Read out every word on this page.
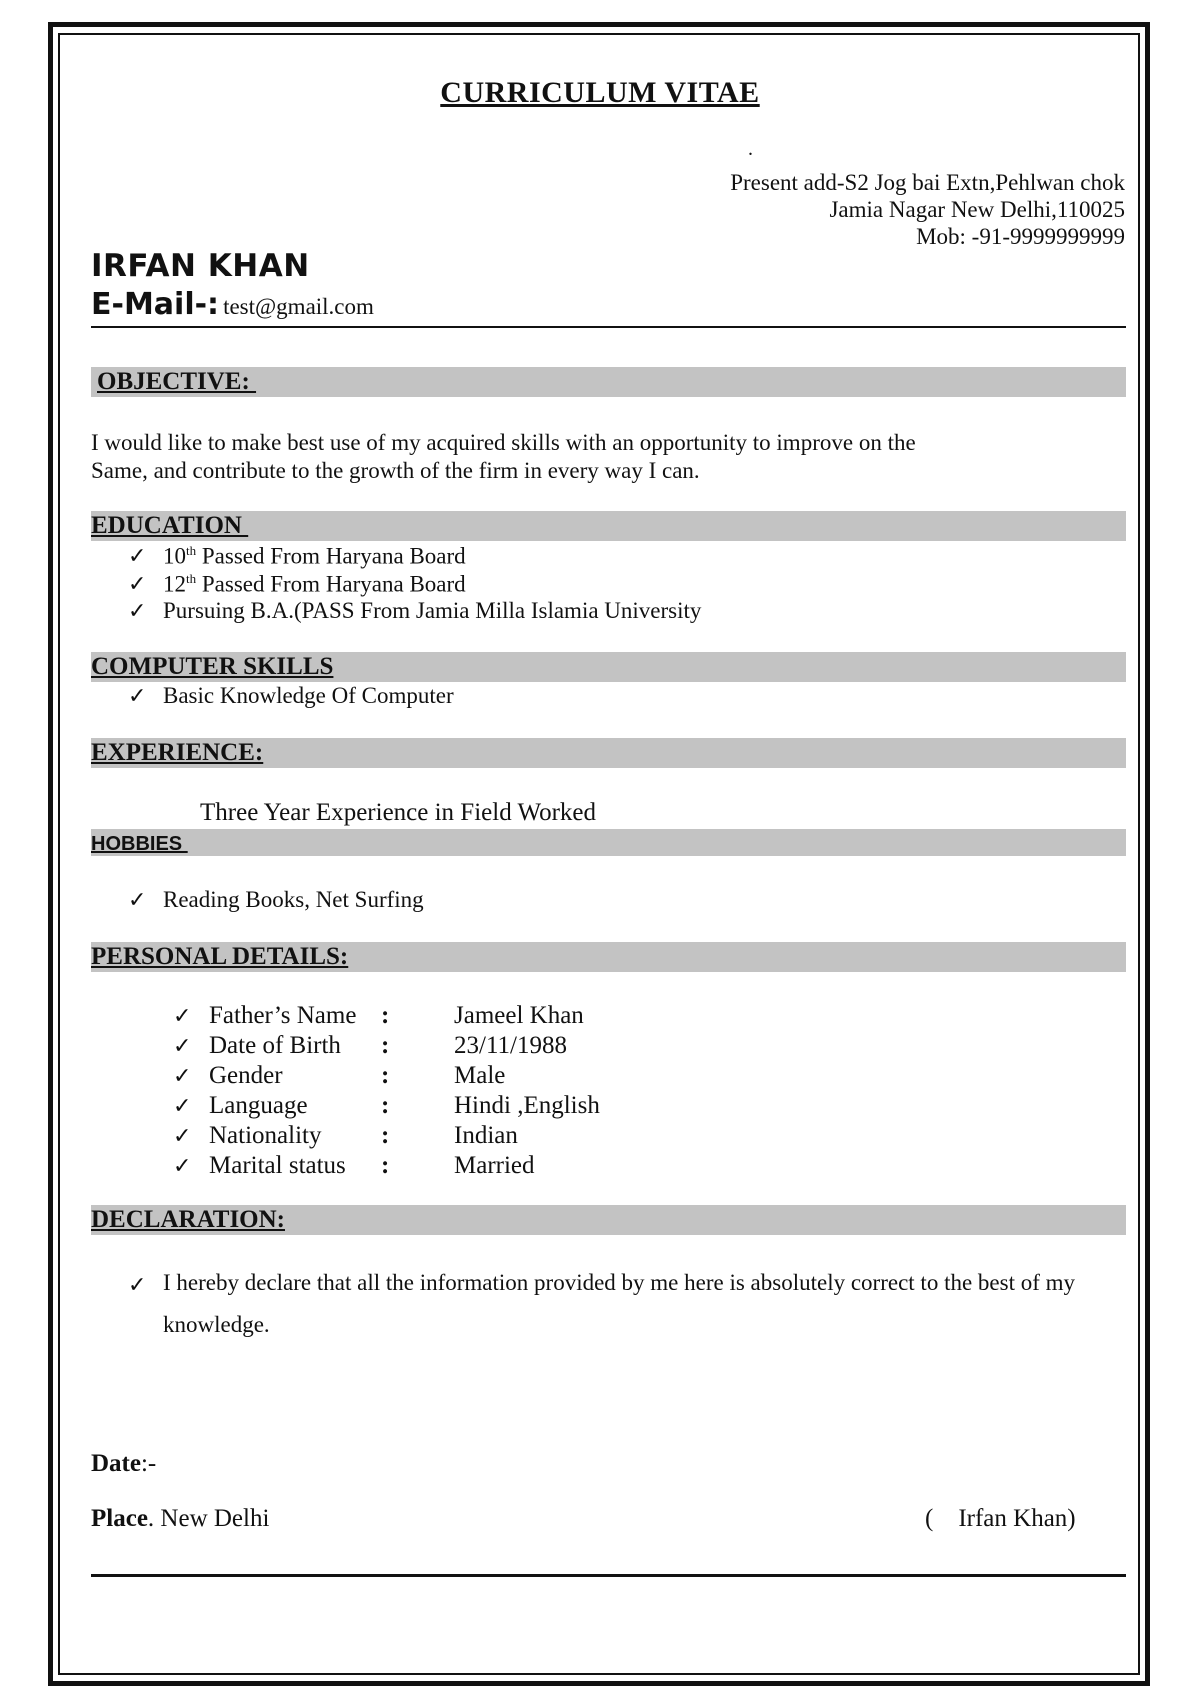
CURRICULUM VITAE
.
Present add-S2 Jog bai Extn,Pehlwan chok
Jamia Nagar New Delhi,110025
Mob: -91-9999999999
IRFAN KHAN
E-Mail-: test@gmail.com
OBJECTIVE:
I would like to make best use of my acquired skills with an opportunity to improve on the
Same, and contribute to the growth of the firm in every way I can.
EDUCATION
✓ 10th Passed From Haryana Board
✓ 12th Passed From Haryana Board
✓ Pursuing B.A.(PASS From Jamia Milla Islamia University
COMPUTER SKILLS
✓ Basic Knowledge Of Computer
EXPERIENCE:
Three Year Experience in Field Worked
HOBBIES
✓ Reading Books, Net Surfing
PERSONAL DETAILS:
✓ Father’s Name :	Jameel Khan
✓ Date of Birth :	23/11/1988
✓ Gender	:	Male
✓ Language	:	Hindi ,English
✓ Nationality :	Indian
✓ Marital status :	Married
DECLARATION:
✓ I hereby declare that all the information provided by me here is absolutely correct to the best of my knowledge.
Date:-
Place. New Delhi	(    Irfan Khan)
